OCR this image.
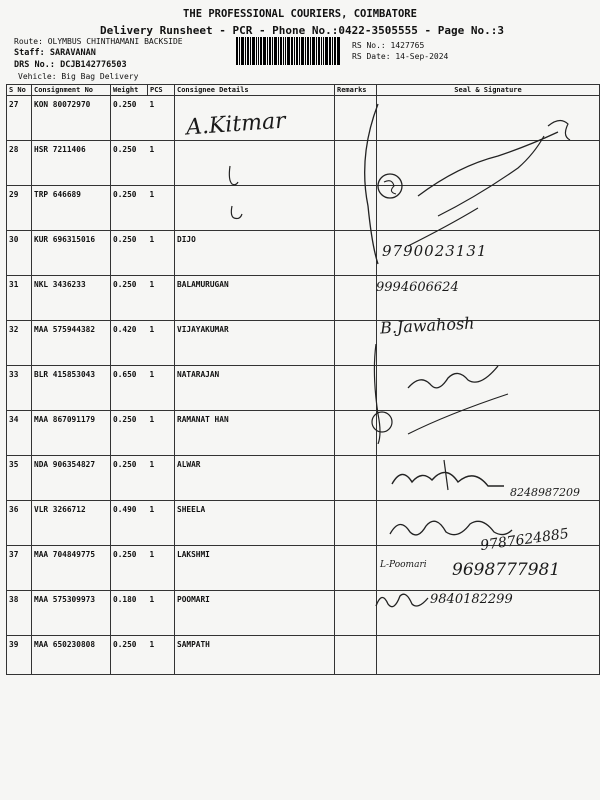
THE PROFESSIONAL COURIERS, COIMBATORE
Delivery Runsheet - PCR - Phone No.:0422-3505555 - Page No.:3
Route: OLYMBUS CHINTHAMANI BACKSIDE
Staff: SARAVANAN
DRS No.: DCJB142776503
Vehicle: Big Bag Delivery
RS No.: 1427765
RS Date: 14-Sep-2024
S No	Consignment No	Weight	PCS	Consignee Details	Remarks	Seal & Signature
27	KON 80072970	0.250	1			
28	HSR 7211406	0.250	1			
29	TRP 646689	0.250	1			
30	KUR 696315016	0.250	1	DIJO		
31	NKL 3436233	0.250	1	BALAMURUGAN		
32	MAA 575944382	0.420	1	VIJAYAKUMAR		
33	BLR 415853043	0.650	1	NATARAJAN		
34	MAA 867091179	0.250	1	RAMANAT HAN		
35	NDA 906354827	0.250	1	ALWAR		
36	VLR 3266712	0.490	1	SHEELA		
37	MAA 704849775	0.250	1	LAKSHMI		
38	MAA 575309973	0.180	1	POOMARI		
39	MAA 650230808	0.250	1	SAMPATH		
A.Kitmar
9790023131
9994606624
B.Jawahosh
8248987209
9787624885
L-Poomari 9698777981
9840182299
